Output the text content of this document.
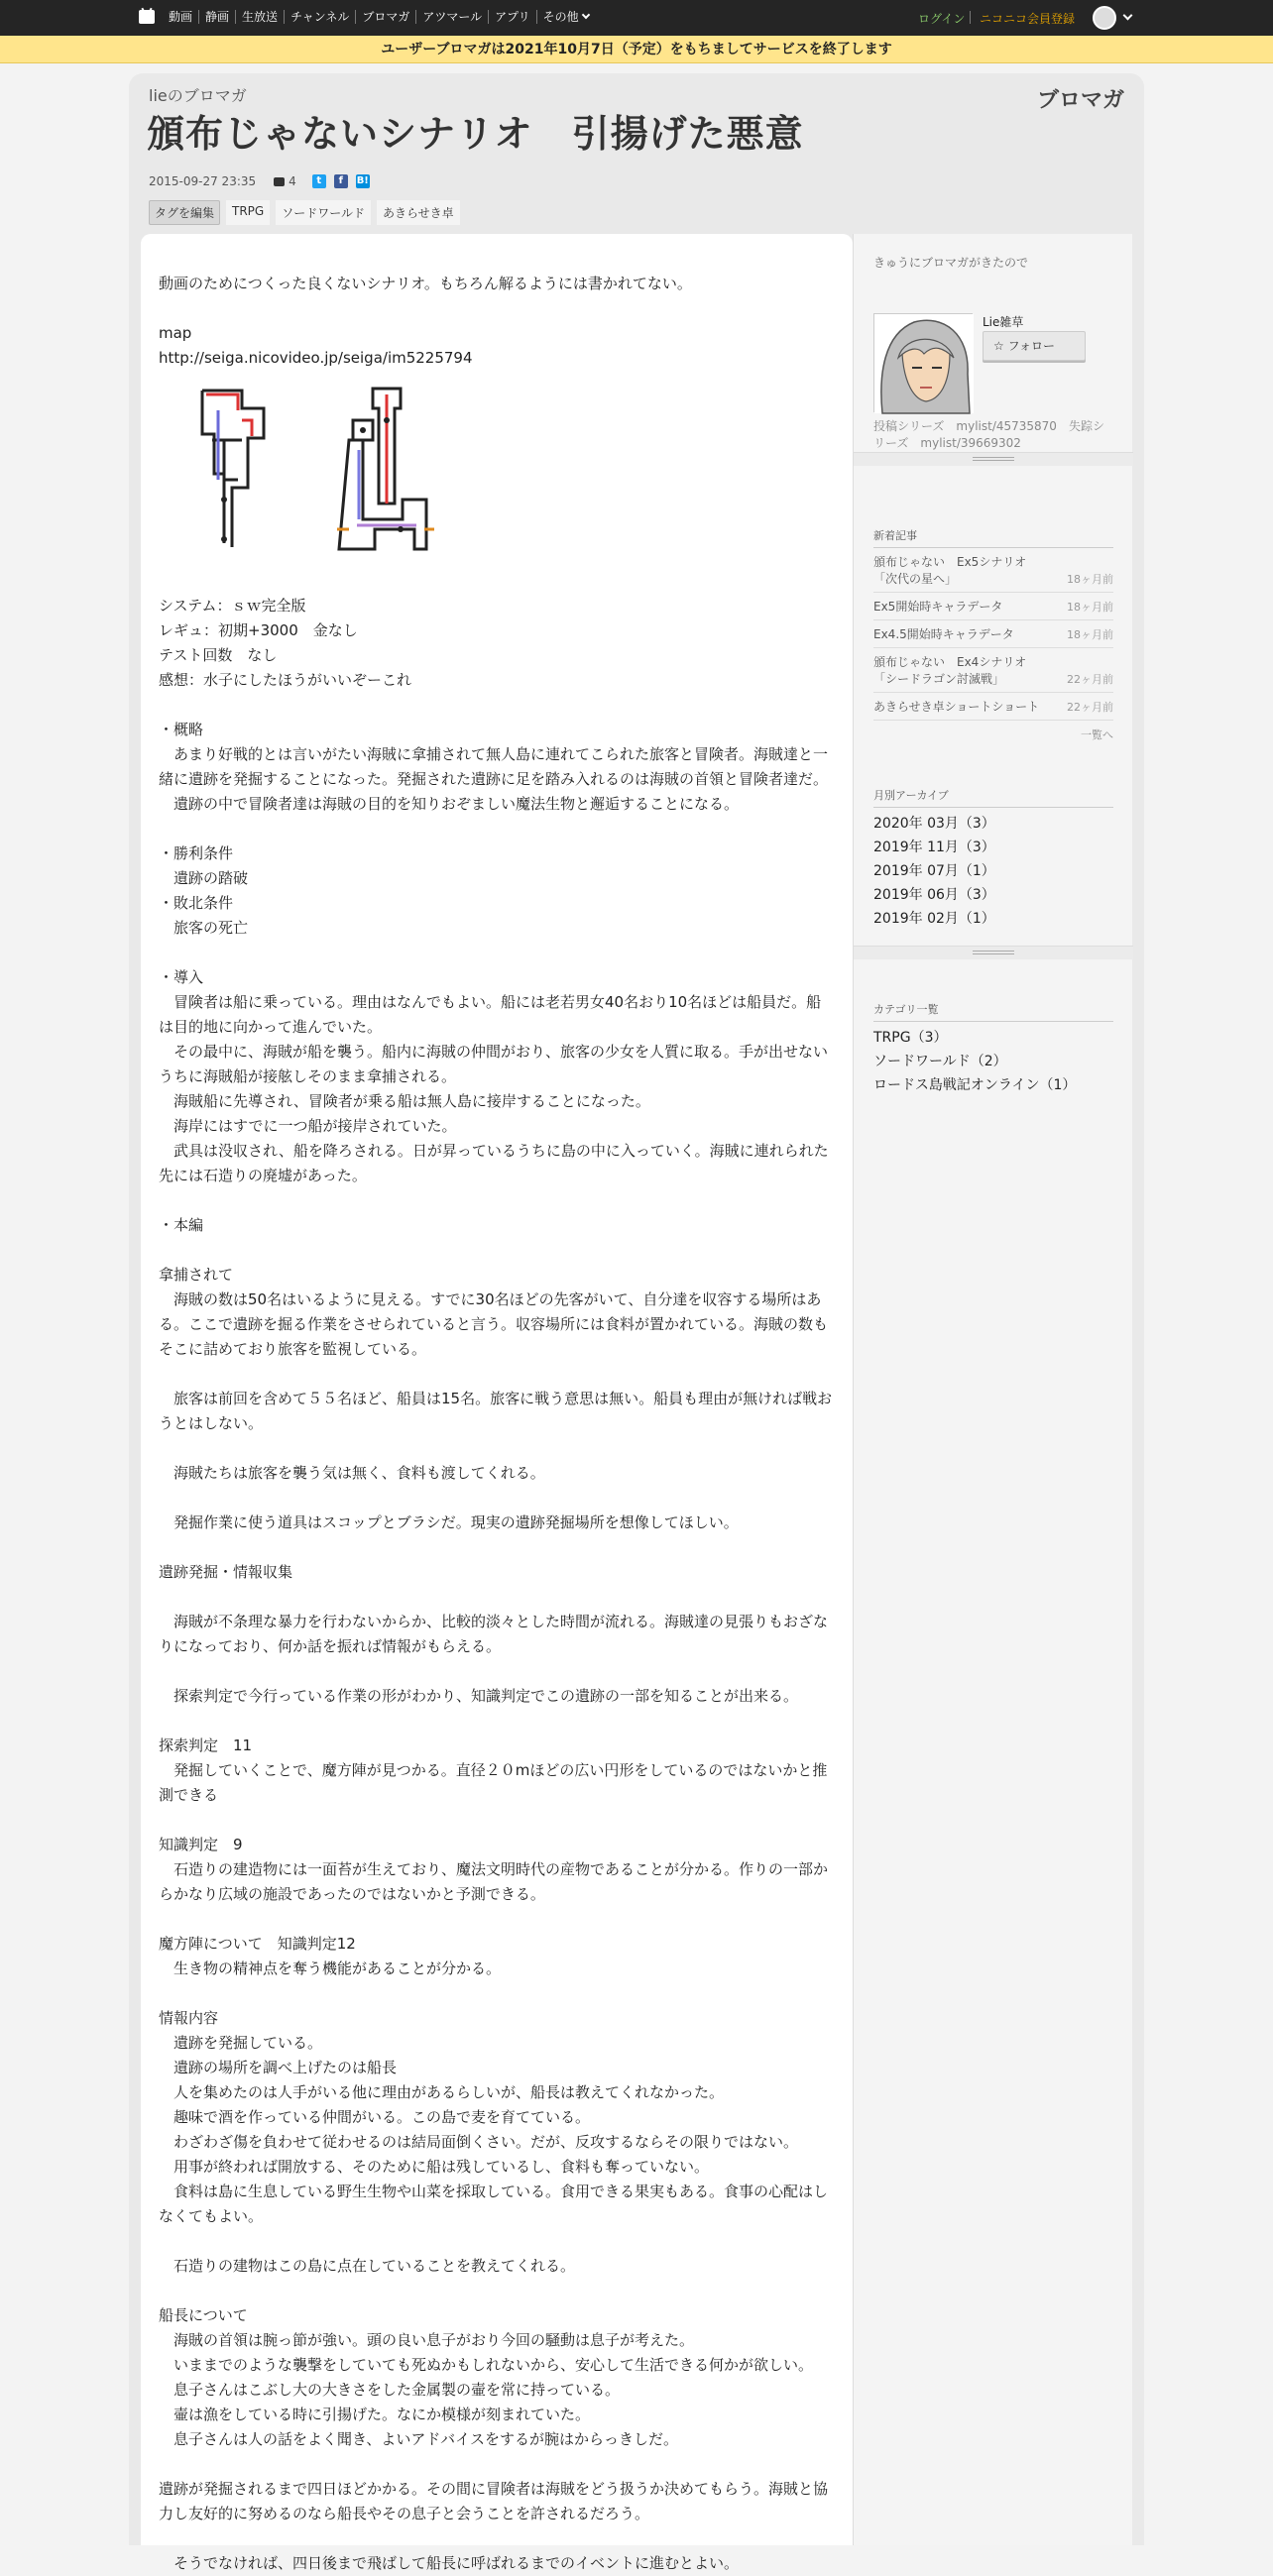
動画	静画	生放送	チャンネル	ブロマガ	アツマール	アプリ	その他	ログイン ニコニコ会員登録
ユーザーブロマガは2021年10月7日（予定）をもちましてサービスを終了します
lieのブロマガ
頒布じゃないシナリオ　引揚げた悪意
ブロマガ
2015-09-27 23:35	4	t	f	B!
タグを編集	TRPG	ソードワールド	あきらせき卓
動画のためにつくった良くないシナリオ。もちろん解るようには書かれてない。
map
http://seiga.nicovideo.jp/seiga/im5225794
システム：ｓｗ完全版
レギュ：初期+3000　金なし
テスト回数　なし
感想：水子にしたほうがいいぞーこれ
・概略
　あまり好戦的とは言いがたい海賊に拿捕されて無人島に連れてこられた旅客と冒険者。海賊達と一緒に遺跡を発掘することになった。発掘された遺跡に足を踏み入れるのは海賊の首領と冒険者達だ。
　遺跡の中で冒険者達は海賊の目的を知りおぞましい魔法生物と邂逅することになる。
・勝利条件
　遺跡の踏破
・敗北条件
　旅客の死亡
・導入
　冒険者は船に乗っている。理由はなんでもよい。船には老若男女40名おり10名ほどは船員だ。船は目的地に向かって進んでいた。
　その最中に、海賊が船を襲う。船内に海賊の仲間がおり、旅客の少女を人質に取る。手が出せないうちに海賊船が接舷しそのまま拿捕される。
　海賊船に先導され、冒険者が乗る船は無人島に接岸することになった。
　海岸にはすでに一つ船が接岸されていた。
　武具は没収され、船を降ろされる。日が昇っているうちに島の中に入っていく。海賊に連れられた先には石造りの廃墟があった。
・本編
拿捕されて
　海賊の数は50名はいるように見える。すでに30名ほどの先客がいて、自分達を収容する場所はある。ここで遺跡を掘る作業をさせられていると言う。収容場所には食料が置かれている。海賊の数もそこに詰めており旅客を監視している。
　旅客は前回を含めて５５名ほど、船員は15名。旅客に戦う意思は無い。船員も理由が無ければ戦おうとはしない。
　海賊たちは旅客を襲う気は無く、食料も渡してくれる。
　発掘作業に使う道具はスコップとブラシだ。現実の遺跡発掘場所を想像してほしい。
遺跡発掘・情報収集
　海賊が不条理な暴力を行わないからか、比較的淡々とした時間が流れる。海賊達の見張りもおざなりになっており、何か話を振れば情報がもらえる。
　探索判定で今行っている作業の形がわかり、知識判定でこの遺跡の一部を知ることが出来る。
探索判定　11
　発掘していくことで、魔方陣が見つかる。直径２０mほどの広い円形をしているのではないかと推測できる
知識判定　9
　石造りの建造物には一面苔が生えており、魔法文明時代の産物であることが分かる。作りの一部からかなり広域の施設であったのではないかと予測できる。
魔方陣について　知識判定12
　生き物の精神点を奪う機能があることが分かる。
情報内容
　遺跡を発掘している。
　遺跡の場所を調べ上げたのは船長
　人を集めたのは人手がいる他に理由があるらしいが、船長は教えてくれなかった。
　趣味で酒を作っている仲間がいる。この島で麦を育てている。
　わざわざ傷を負わせて従わせるのは結局面倒くさい。だが、反攻するならその限りではない。
　用事が終われば開放する、そのために船は残しているし、食料も奪っていない。
　食料は島に生息している野生生物や山菜を採取している。食用できる果実もある。食事の心配はしなくてもよい。
　石造りの建物はこの島に点在していることを教えてくれる。
船長について
　海賊の首領は腕っ節が強い。頭の良い息子がおり今回の騒動は息子が考えた。
　いままでのような襲撃をしていても死ぬかもしれないから、安心して生活できる何かが欲しい。
　息子さんはこぶし大の大きさをした金属製の壷を常に持っている。
　壷は漁をしている時に引揚げた。なにか模様が刻まれていた。
　息子さんは人の話をよく聞き、よいアドバイスをするが腕はからっきしだ。
遺跡が発掘されるまで四日ほどかかる。その間に冒険者は海賊をどう扱うか決めてもらう。海賊と協力し友好的に努めるのなら船長やその息子と会うことを許されるだろう。
　そうでなければ、四日後まで飛ばして船長に呼ばれるまでのイベントに進むとよい。
きゅうにブロマガがきたので
Lie雑草
☆ フォロー
投稿シリーズ　mylist/45735870　失踪シリーズ　mylist/39669302
新着記事
頒布じゃない　Ex5シナリオ　「次代の星へ」	18ヶ月前
Ex5開始時キャラデータ	18ヶ月前
Ex4.5開始時キャラデータ	18ヶ月前
頒布じゃない　Ex4シナリオ　「シードラゴン討滅戦」	22ヶ月前
あきらせき卓ショートショート	22ヶ月前
一覧へ
月別アーカイブ
2020年 03月（3）
2019年 11月（3）
2019年 07月（1）
2019年 06月（3）
2019年 02月（1）
カテゴリ一覧
TRPG（3）
ソードワールド（2）
ロードス島戦記オンライン（1）
